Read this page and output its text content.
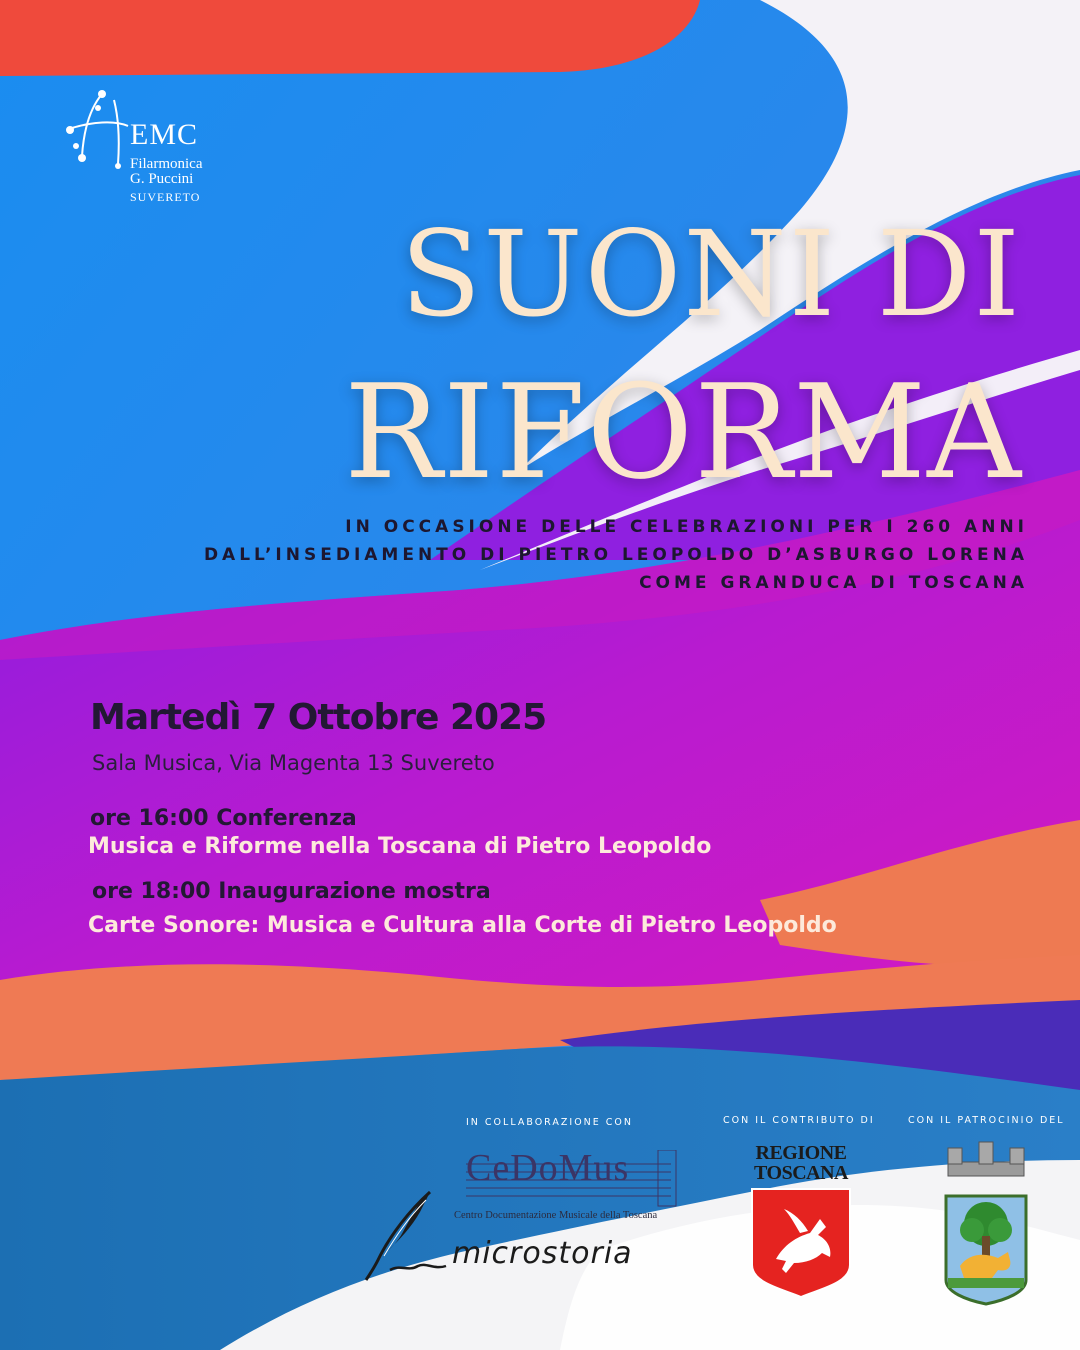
EMC
Filarmonica
G. Puccini
SUVERETO
SUONI DI
RIFORMA
IN OCCASIONE DELLE CELEBRAZIONI PER I 260 ANNI
DALL’INSEDIAMENTO DI PIETRO LEOPOLDO D’ASBURGO LORENA
COME GRANDUCA DI TOSCANA
Martedì 7 Ottobre 2025
Sala Musica, Via Magenta 13 Suvereto
ore 16:00 Conferenza
Musica e Riforme nella Toscana di Pietro Leopoldo
ore 18:00 Inaugurazione mostra
Carte Sonore: Musica e Cultura alla Corte di Pietro Leopoldo
IN COLLABORAZIONE CON	CON IL CONTRIBUTO DI	CON IL PATROCINIO DEL
CeDoMus
Centro Documentazione Musicale della Toscana
microstoria
REGIONE TOSCANA
